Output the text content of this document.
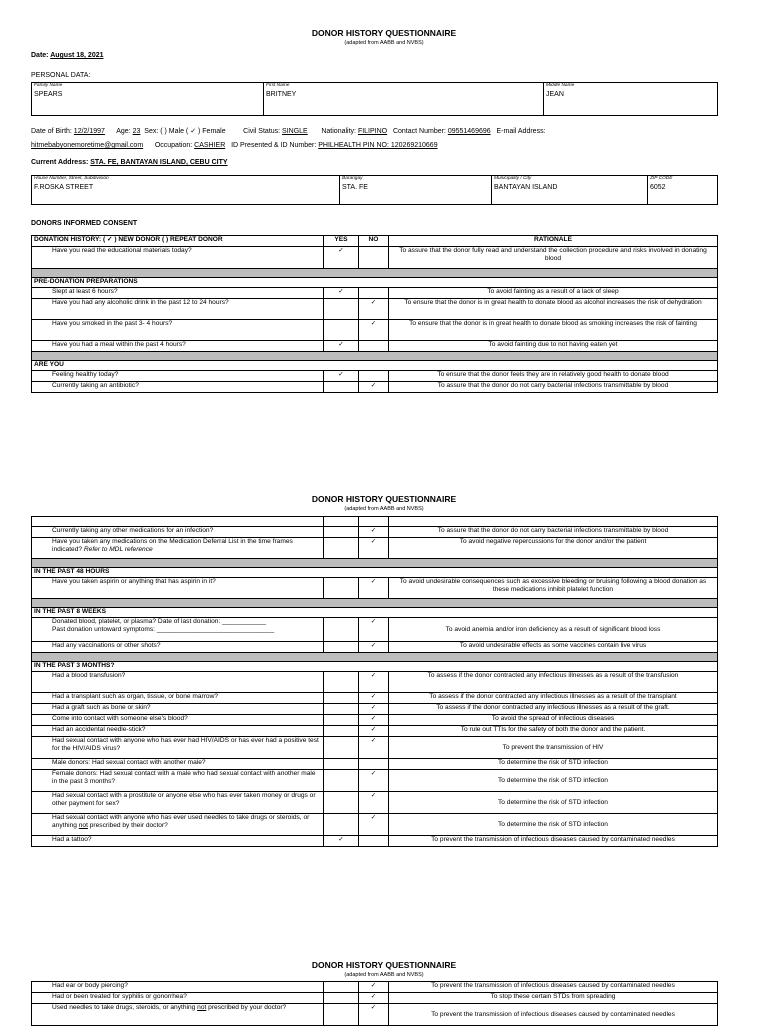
DONOR HISTORY QUESTIONNAIRE
(adapted from AABB and NVBS)
Date: August 18, 2021
PERSONAL DATA:
Family Name
SPEARS

First Name
BRITNEY

Middle Name
JEAN
Date of Birth: 12/2/1997 Age: 23 Sex: ( ) Male ( ✓ ) Female	Civil Status: SINGLE Nationality: FILIPINO Contact Number: 09551469696 E-mail Address:
hitmebabyonemoretime@gmail.com Occupation: CASHIER ID Presented & ID Number: PHILHEALTH PIN NO: 120269210669
Current Address: STA. FE, BANTAYAN ISLAND, CEBU CITY
House Number, Street, Subdivision
F.ROSKA STREET

Barangay
STA. FE

Municipality / City
BANTAYAN ISLAND

ZIP CODE
6052
DONORS INFORMED CONSENT
DONATION HISTORY: ( ✓ ) NEW DONOR ( ) REPEAT DONOR	YES	NO	RATIONALE
Have you read the educational materials today?	✓		To assure that the donor fully read and understand the collection procedure and risks involved in donating blood

PRE-DONATION PREPARATIONS			
Slept at least 6 hours?	✓		To avoid fainting as a result of a lack of sleep
Have you had any alcoholic drink in the past 12 to 24 hours?		✓	To ensure that the donor is in great health to donate blood as alcohol increases the risk of dehydration
Have you smoked in the past 3- 4 hours?		✓	To ensure that the donor is in great health to donate blood as smoking increases the risk of fainting
Have you had a meal within the past 4 hours?	✓		To avoid fainting due to not having eaten yet

ARE YOU			
Feeling healthy today?	✓		To ensure that the donor feels they are in relatively good health to donate blood
Currently taking an antibiotic?		✓	To assure that the donor do not carry bacterial infections transmittable by blood
DONOR HISTORY QUESTIONNAIRE
(adapted from AABB and NVBS)

Currently taking any other medications for an infection?		✓	To assure that the donor do not carry bacterial infections transmittable by blood
Have you taken any medications on the Medication Deferral List in the time frames indicated? Refer to MDL reference		✓	To avoid negative repercussions for the donor and/or the patient

IN THE PAST 48 HOURS			
Have you taken aspirin or anything that has aspirin in it?		✓	To avoid undesirable consequences such as excessive bleeding or bruising following a blood donation as these medications inhibit platelet function

IN THE PAST 8 WEEKS			
Donated blood, platelet, or plasma? Date of last donation: ____________
Past donation untoward symptoms: ________________________________		✓	To avoid anemia and/or iron deficiency as a result of significant blood loss
Had any vaccinations or other shots?		✓	To avoid undesirable effects as some vaccines contain live virus

IN THE PAST 3 MONTHS?			
Had a blood transfusion?		✓	To assess if the donor contracted any infectious illnesses as a result of the transfusion
Had a transplant such as organ, tissue, or bone marrow?		✓	To assess if the donor contracted any infectious illnesses as a result of the transplant
Had a graft such as bone or skin?		✓	To assess if the donor contracted any infectious illnesses as a result of the graft.
Come into contact with someone else's blood?		✓	To avoid the spread of infectious diseases
Had an accidental needle-stick?		✓	To rule out TTIs for the safety of both the donor and the patient.
Had sexual contact with anyone who has ever had HIV/AIDS or has ever had a positive test for the HIV/AIDS virus?		✓	To prevent the transmission of HIV
Male donors: Had sexual contact with another male?			To determine the risk of STD infection
Female donors: Had sexual contact with a male who had sexual contact with another male in the past 3 months?		✓	To determine the risk of STD infection
Had sexual contact with a prostitute or anyone else who has ever taken money or drugs or other payment for sex?		✓	To determine the risk of STD infection
Had sexual contact with anyone who has ever used needles to take drugs or steroids, or anything not prescribed by their doctor?		✓	To determine the risk of STD infection
Had a tattoo?	✓		To prevent the transmission of infectious diseases caused by contaminated needles
DONOR HISTORY QUESTIONNAIRE
(adapted from AABB and NVBS)
Had ear or body piercing?		✓	To prevent the transmission of infectious diseases caused by contaminated needles
Had or been treated for syphilis or gonorrhea?		✓	To stop these certain STDs from spreading
Used needles to take drugs, steroids, or anything not prescribed by your doctor?		✓	To prevent the transmission of infectious diseases caused by contaminated needles
